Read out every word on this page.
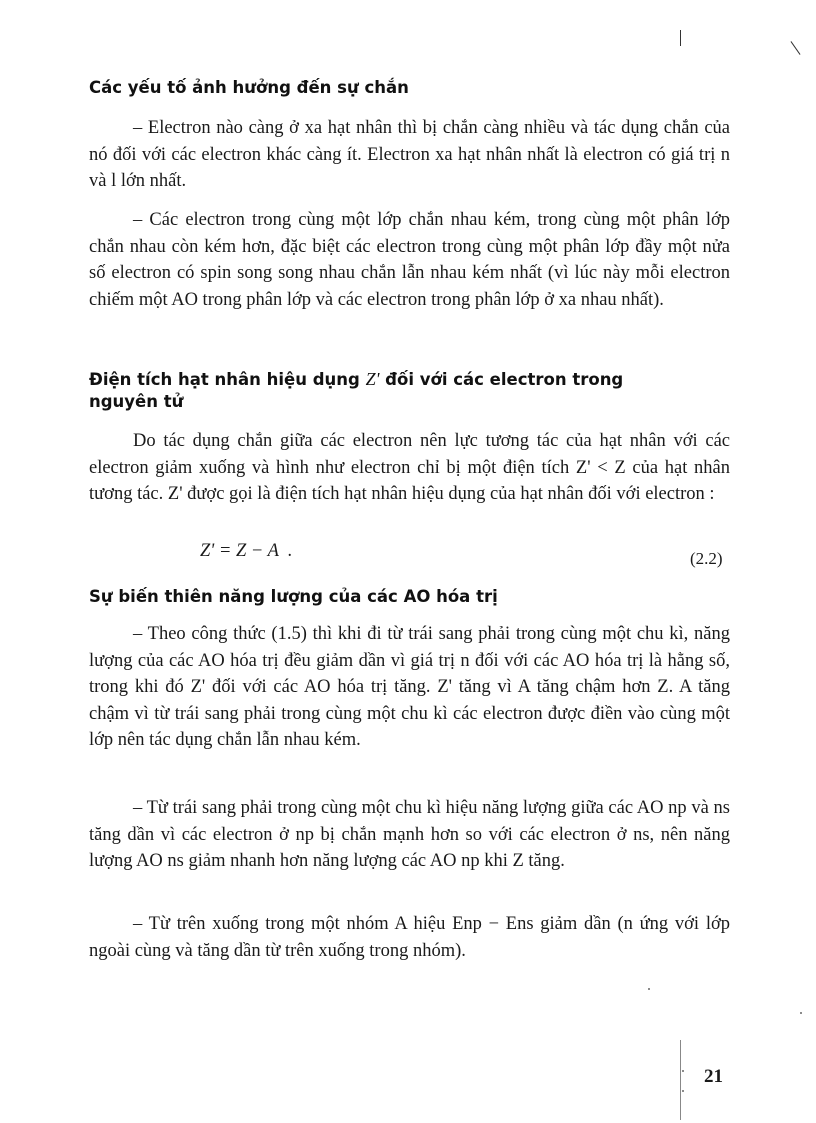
Các yếu tố ảnh hưởng đến sự chắn

– Electron nào càng ở xa hạt nhân thì bị chắn càng nhiều và tác dụng chắn của nó đối với các electron khác càng ít. Electron xa hạt nhân nhất là electron có giá trị n và l lớn nhất.

– Các electron trong cùng một lớp chắn nhau kém, trong cùng một phân lớp chắn nhau còn kém hơn, đặc biệt các electron trong cùng một phân lớp đầy một nửa số electron có spin song song nhau chắn lẫn nhau kém nhất (vì lúc này mỗi electron chiếm một AO trong phân lớp và các electron trong phân lớp ở xa nhau nhất).

Điện tích hạt nhân hiệu dụng Z' đối với các electron trong
nguyên tử

Do tác dụng chắn giữa các electron nên lực tương tác của hạt nhân với các electron giảm xuống và hình như electron chỉ bị một điện tích Z' < Z của hạt nhân tương tác. Z' được gọi là điện tích hạt nhân hiệu dụng của hạt nhân đối với electron :

Z' = Z − A  .	(2.2)
Sự biến thiên năng lượng của các AO hóa trị

– Theo công thức (1.5) thì khi đi từ trái sang phải trong cùng một chu kì, năng lượng của các AO hóa trị đều giảm dần vì giá trị n đối với các AO hóa trị là hằng số, trong khi đó Z' đối với các AO hóa trị tăng. Z' tăng vì A tăng chậm hơn Z. A tăng chậm vì từ trái sang phải trong cùng một chu kì các electron được điền vào cùng một lớp nên tác dụng chắn lẫn nhau kém.

– Từ trái sang phải trong cùng một chu kì hiệu năng lượng giữa các AO np và ns tăng dần vì các electron ở np bị chắn mạnh hơn so với các electron ở ns, nên năng lượng AO ns giảm nhanh hơn năng lượng các AO np khi Z tăng.

– Từ trên xuống trong một nhóm A hiệu Enp − Ens giảm dần (n ứng với lớp ngoài cùng và tăng dần từ trên xuống trong nhóm).

21
